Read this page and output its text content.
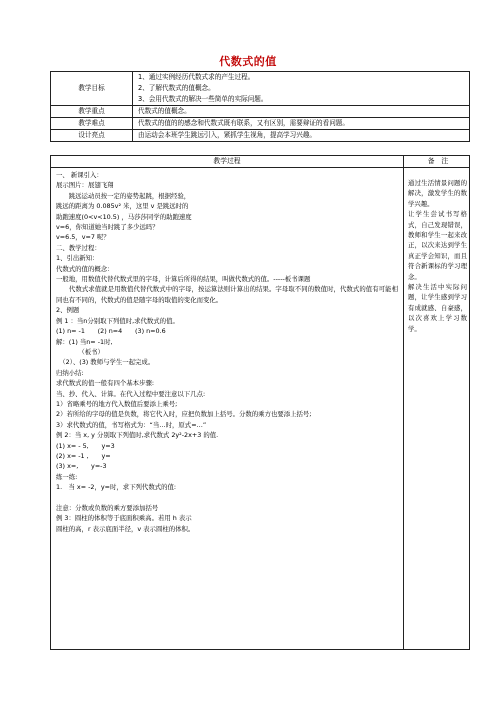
代数式的值
教学目标	1、通过实例经历代数式求的产生过程。
2、了解代数式的值概念。
3、会用代数式的解决一些简单的实际问题。

教学重点	代数式的值概念。
教学难点	代数式的值的的感念和代数式既有联系，又有区别，需要辩证的看问题。
设计亮点	由运动会本班学生跳远引入，紧抓学生视角，提高学习兴趣。
教学过程	备　注
一、 新课引入：
展示图片：展翅飞翔
　　跳远运动员按一定的姿势起跳，根据经验，
跳远的距离为 0.085v² 米，这里 v 是跳远时的
助跑速度(0<v<10.5) ，马莎莎同学的助跑速度
v=6，你知道她当时跳了多少远吗？
v=6.5，v=7 呢？
二、教学过程：
1、引出新知：
代数式的值的概念：
一般地，用数值代替代数式里的字母，计算后所得的结果，叫做代数式的值。-----板书课题
　　代数式求值就是用数值代替代数式中的字母，按运算法则计算出的结果。字母取不同的数值时，代数式的值有可能相同也有不同的，代数式的值是随字母的取值的变化而变化。
2、例题
例 1 ：当n分别取下列值时,求代数式的值。
(1) n= -1　　(2) n=4　　(3) n=0.6
解：(1) 当n= -1时,
　　　　（板书）
　（2）、(3) 教师与学生一起完成。
归纳小结:
求代数式的值一般有四个基本步骤:
当、抄、代入、计算。在代入过程中要注意以下几点:
1）省略乘号的地方代入数值后要添上乘号;
2）若所给的字母的值是负数，将它代入时，应把负数加上括号。分数的乘方也要添上括号;
3）求代数式的值，书写格式为：“当…时，原式=…”
例 2：当 x, y 分别取下列值时,求代数式 2y²-2x+3 的值.
(1) x= - 5,　　y=3
(2) x= -1 ,　　y=
(3) x=,　　y=-3
练一练:
1.　当 x= -2，y=时，求下列代数式的值:
注意：分数或负数的乘方要添加括号
例 3：圆柱的体积等于底面积乘高。若用 h 表示
圆柱的高，r 表示底面半径，v 表示圆柱的体积。
通过生活情景问题的解决，激发学生的数学兴趣。
让学生尝试书写格式，自己发现错误，教师和学生一起来改正，以次来达到学生真正学会知识，而且符合新课标的学习理念。
解决生活中实际问题，让学生感到学习有成就感、自豪感，以次喜欢上学习数学。
